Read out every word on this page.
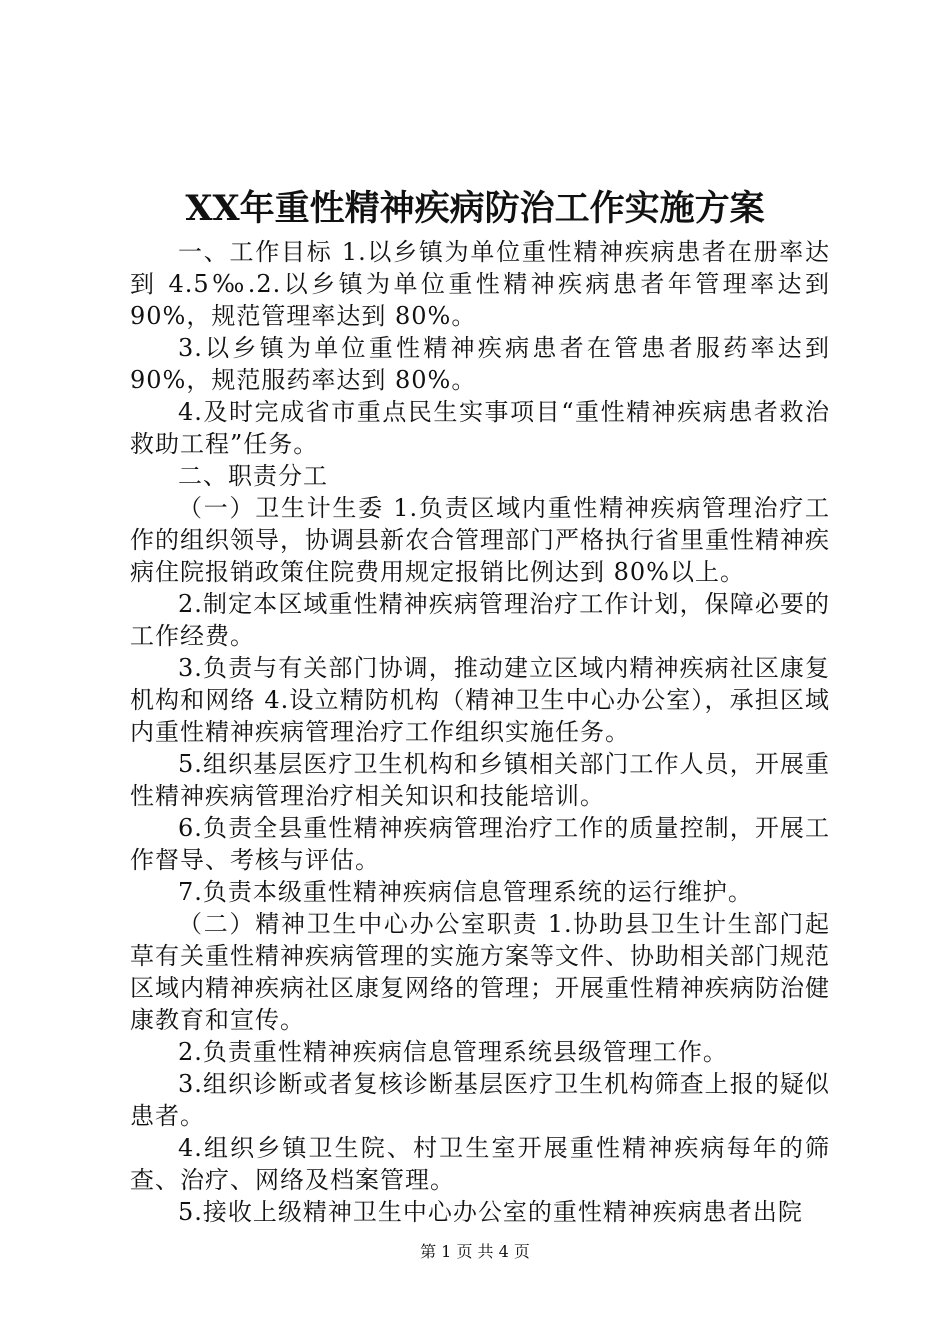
XX年重性精神疾病防治工作实施方案

一、工作目标 1.以乡镇为单位重性精神疾病患者在册率达到 4.5‰.2.以乡镇为单位重性精神疾病患者年管理率达到 90%，规范管理率达到 80%。

3.以乡镇为单位重性精神疾病患者在管患者服药率达到 90%，规范服药率达到 80%。

4.及时完成省市重点民生实事项目“重性精神疾病患者救治救助工程”任务。

二、职责分工

（一）卫生计生委 1.负责区域内重性精神疾病管理治疗工作的组织领导，协调县新农合管理部门严格执行省里重性精神疾病住院报销政策住院费用规定报销比例达到 80%以上。

2.制定本区域重性精神疾病管理治疗工作计划，保障必要的工作经费。

3.负责与有关部门协调，推动建立区域内精神疾病社区康复机构和网络 4.设立精防机构（精神卫生中心办公室），承担区域内重性精神疾病管理治疗工作组织实施任务。

5.组织基层医疗卫生机构和乡镇相关部门工作人员，开展重性精神疾病管理治疗相关知识和技能培训。

6.负责全县重性精神疾病管理治疗工作的质量控制，开展工作督导、考核与评估。

7.负责本级重性精神疾病信息管理系统的运行维护。

（二）精神卫生中心办公室职责 1.协助县卫生计生部门起草有关重性精神疾病管理的实施方案等文件、协助相关部门规范区域内精神疾病社区康复网络的管理；开展重性精神疾病防治健康教育和宣传。

2.负责重性精神疾病信息管理系统县级管理工作。

3.组织诊断或者复核诊断基层医疗卫生机构筛查上报的疑似患者。

4.组织乡镇卫生院、村卫生室开展重性精神疾病每年的筛查、治疗、网络及档案管理。

5.接收上级精神卫生中心办公室的重性精神疾病患者出院

第 1 页 共 4 页
